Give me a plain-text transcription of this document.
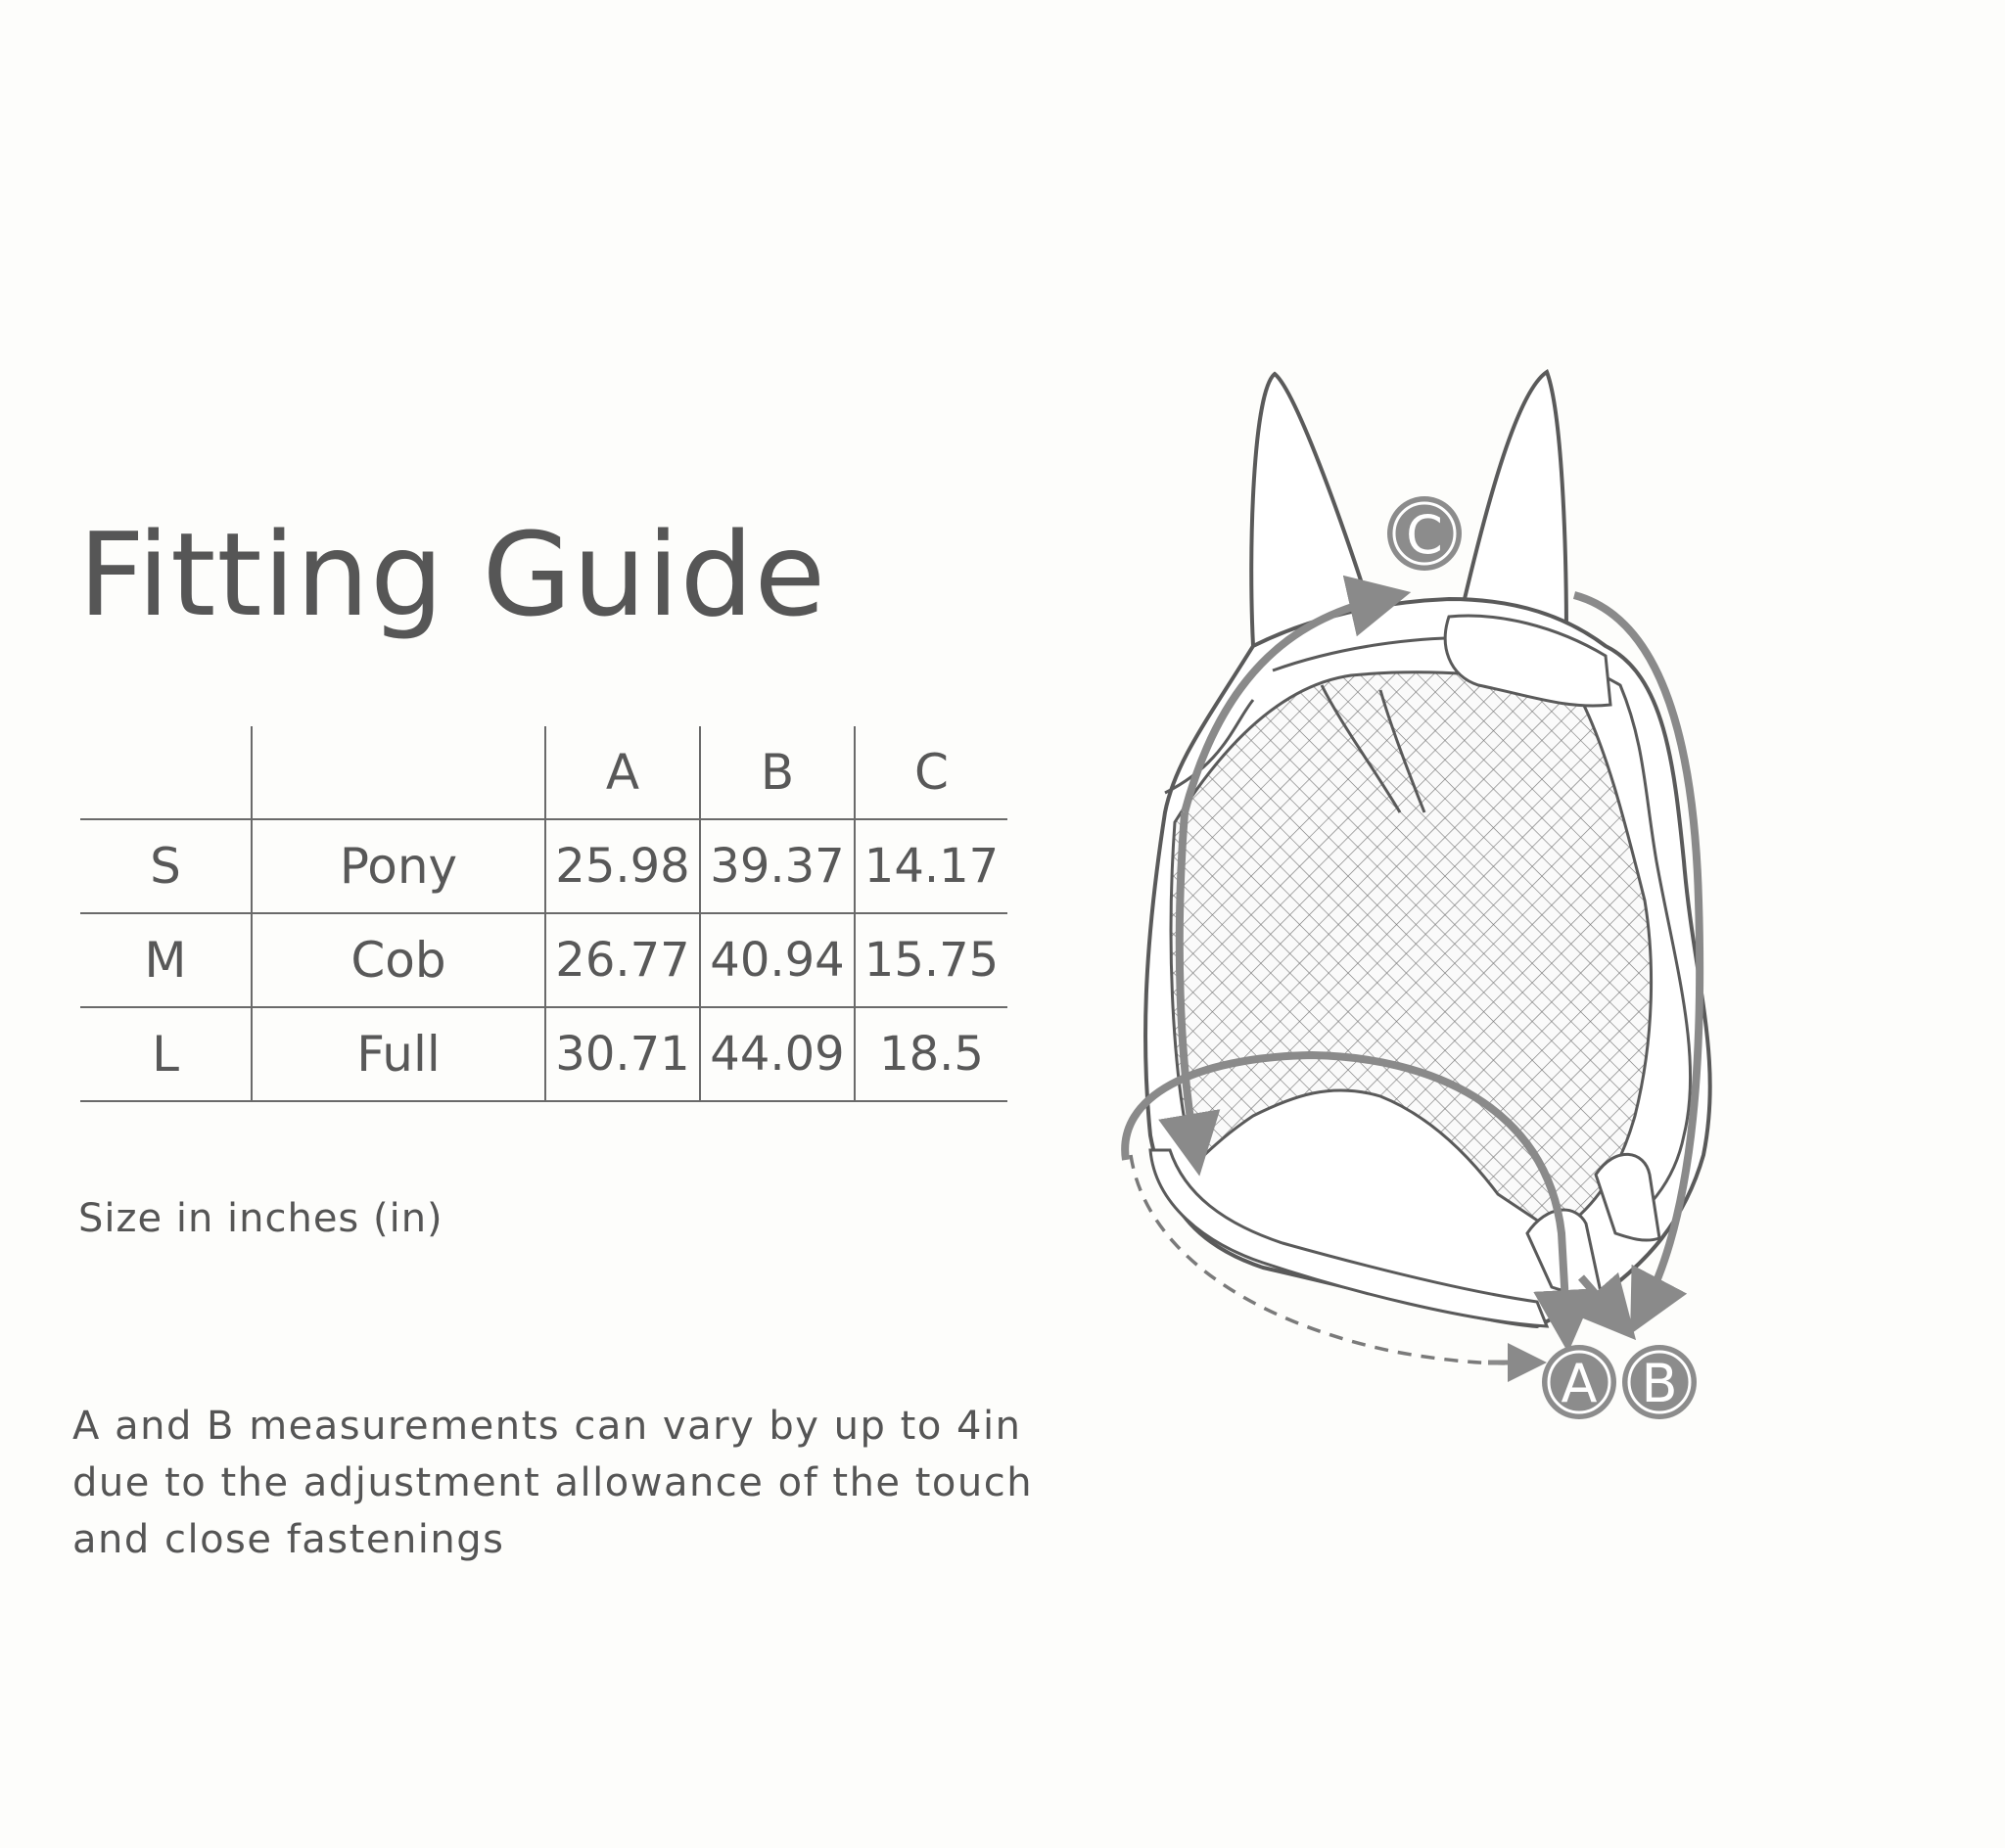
Fitting Guide
		A	B	C
S	Pony	25.98	39.37	14.17
M	Cob	26.77	40.94	15.75
L	Full	30.71	44.09	18.5

Size in inches (in)

A and B measurements can vary by up to 4in due to the adjustment allowance of the touch and close fastenings

C
A B
